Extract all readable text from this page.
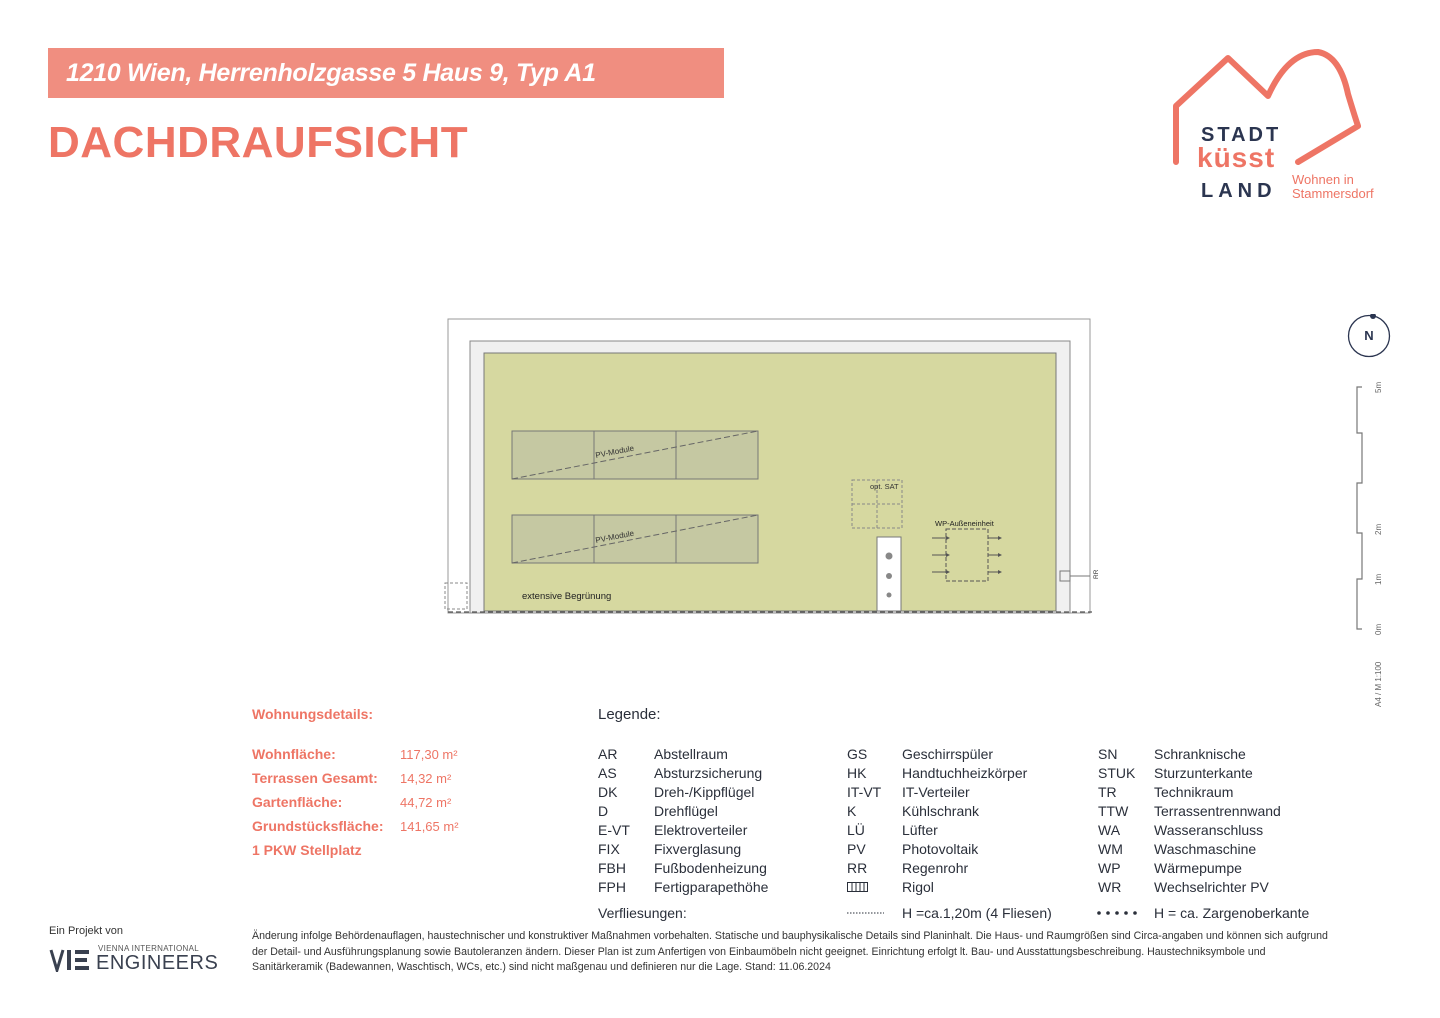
1210 Wien, Herrenholzgasse 5 Haus 9, Typ A1
DACHDRAUFSICHT	STADT
küsst
LAND
Wohnen in
Stammersdorf
PV-Module
PV-Module
opt. SAT
WP-Außeneinheit
RR
extensive Begrünung
N
5m
2m
1m
0m
A4 / M 1:100
Wohnungsdetails:
Wohnfläche:	117,30 m²
Terrassen Gesamt: 14,32 m²
Gartenfläche:	44,72 m²
Grundstücksfläche: 141,65 m²
1 PKW Stellplatz
Legende:
AR	Abstellraum
AS	Absturzsicherung
DK	Dreh-/Kippflügel
D	Drehflügel
E-VT Elektroverteiler
FIX Fixverglasung
FBH Fußbodenheizung
FPH Fertigparapethöhe
GS Geschirrspüler
HK	Handtuchheizkörper
IT-VT IT-Verteiler
K	Kühlschrank
LÜ	Lüfter
PV	Photovoltaik
RR Regenrohr
Rigol
SN	Schranknische
STUK Sturzunterkante
TR	Technikraum
TTW Terrassentrennwand
WA Wasseranschluss
WM Waschmaschine
WP Wärmepumpe
WR Wechselrichter PV
Verfliesungen:	H =ca.1,20m (4 Fliesen)	H = ca. Zargenoberkante
Ein Projekt von
VIENNA INTERNATIONAL
ENGINEERS
Änderung infolge Behördenauflagen, haustechnischer und konstruktiver Maßnahmen vorbehalten. Statische und bauphysikalische Details sind Planinhalt. Die Haus- und Raumgrößen sind Circa-angaben und können sich aufgrund der Detail- und Ausführungsplanung sowie Bautoleranzen ändern. Dieser Plan ist zum Anfertigen von Einbaumöbeln nicht geeignet. Einrichtung erfolgt lt. Bau- und Ausstattungsbeschreibung. Haustechniksymbole und Sanitärkeramik (Badewannen, Waschtisch, WCs, etc.) sind nicht maßgenau und definieren nur die Lage. Stand: 11.06.2024
